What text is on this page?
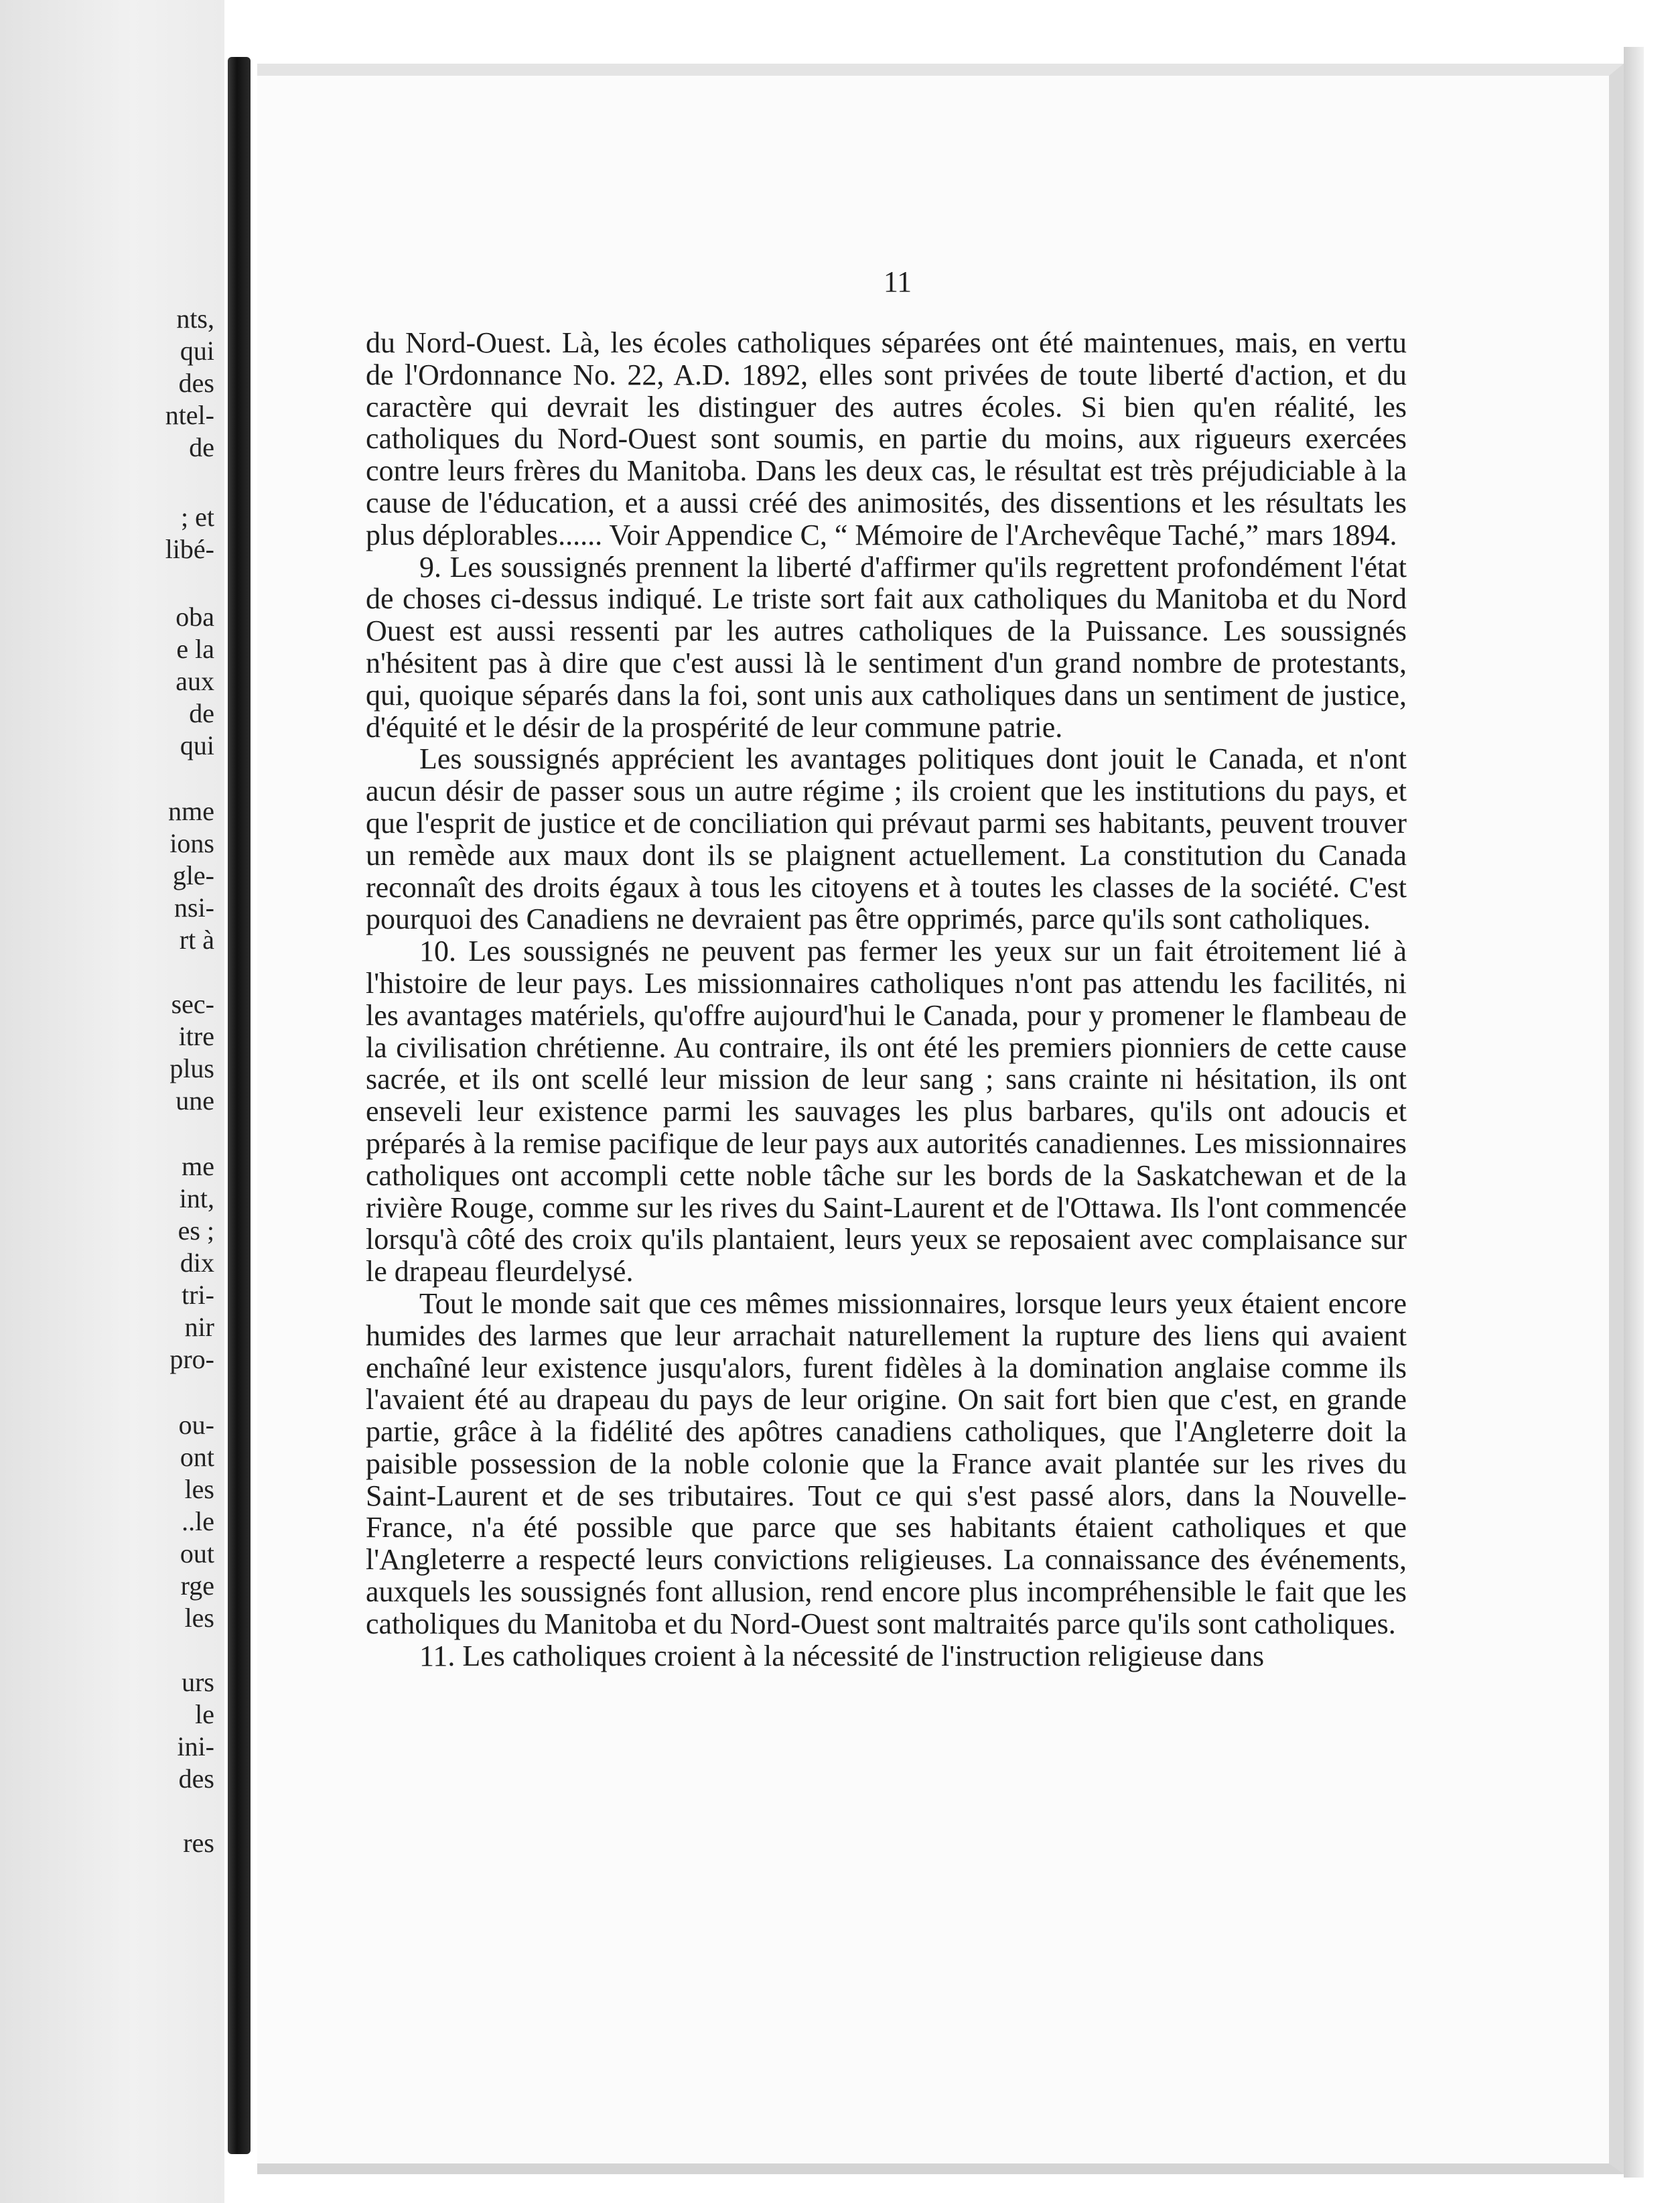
nts,
qui
des
ntel-
de
; et
libé-
oba
e la
aux
de
qui
nme
ions
gle-
nsi-
rt à
sec-
itre
plus
une
me
int,
es ;
dix
tri-
nir
pro-
ou-
ont
les
..le
out
rge
les
urs
le
ini-
des
res
11

du Nord-Ouest. Là, les écoles catholiques séparées ont été maintenues, mais, en vertu de l'Ordonnance No. 22, A.D. 1892, elles sont privées de toute liberté d'action, et du caractère qui devrait les distinguer des autres écoles. Si bien qu'en réalité, les catholiques du Nord-Ouest sont soumis, en partie du moins, aux rigueurs exercées contre leurs frères du Manitoba. Dans les deux cas, le résultat est très préjudiciable à la cause de l'éducation, et a aussi créé des animosités, des dissentions et les résultats les plus déplorables...... Voir Appendice C, “ Mémoire de l'Archevêque Taché,” mars 1894.

9. Les soussignés prennent la liberté d'affirmer qu'ils regrettent profondément l'état de choses ci-dessus indiqué. Le triste sort fait aux catholiques du Manitoba et du Nord Ouest est aussi ressenti par les autres catholiques de la Puissance. Les soussignés n'hésitent pas à dire que c'est aussi là le sentiment d'un grand nombre de protestants, qui, quoique séparés dans la foi, sont unis aux catholiques dans un sentiment de justice, d'équité et le désir de la prospérité de leur commune patrie.

Les soussignés apprécient les avantages politiques dont jouit le Canada, et n'ont aucun désir de passer sous un autre régime ; ils croient que les institutions du pays, et que l'esprit de justice et de conciliation qui prévaut parmi ses habitants, peuvent trouver un remède aux maux dont ils se plaignent actuellement. La constitution du Canada reconnaît des droits égaux à tous les citoyens et à toutes les classes de la société. C'est pourquoi des Canadiens ne devraient pas être opprimés, parce qu'ils sont catholiques.

10. Les soussignés ne peuvent pas fermer les yeux sur un fait étroitement lié à l'histoire de leur pays. Les missionnaires catholiques n'ont pas attendu les facilités, ni les avantages matériels, qu'offre aujourd'hui le Canada, pour y promener le flambeau de la civilisation chrétienne. Au contraire, ils ont été les premiers pionniers de cette cause sacrée, et ils ont scellé leur mission de leur sang ; sans crainte ni hésitation, ils ont enseveli leur existence parmi les sauvages les plus barbares, qu'ils ont adoucis et préparés à la remise pacifique de leur pays aux autorités canadiennes. Les missionnaires catholiques ont accompli cette noble tâche sur les bords de la Saskatchewan et de la rivière Rouge, comme sur les rives du Saint-Laurent et de l'Ottawa. Ils l'ont commencée lorsqu'à côté des croix qu'ils plantaient, leurs yeux se reposaient avec complaisance sur le drapeau fleurdelysé.

Tout le monde sait que ces mêmes missionnaires, lorsque leurs yeux étaient encore humides des larmes que leur arrachait naturellement la rupture des liens qui avaient enchaîné leur existence jusqu'alors, furent fidèles à la domination anglaise comme ils l'avaient été au drapeau du pays de leur origine. On sait fort bien que c'est, en grande partie, grâce à la fidélité des apôtres canadiens catholiques, que l'Angleterre doit la paisible possession de la noble colonie que la France avait plantée sur les rives du Saint-Laurent et de ses tributaires. Tout ce qui s'est passé alors, dans la Nouvelle-France, n'a été possible que parce que ses habitants étaient catholiques et que l'Angleterre a respecté leurs convictions religieuses. La connaissance des événements, auxquels les soussignés font allusion, rend encore plus incompréhensible le fait que les catholiques du Manitoba et du Nord-Ouest sont maltraités parce qu'ils sont catholiques.

11. Les catholiques croient à la nécessité de l'instruction religieuse dans
